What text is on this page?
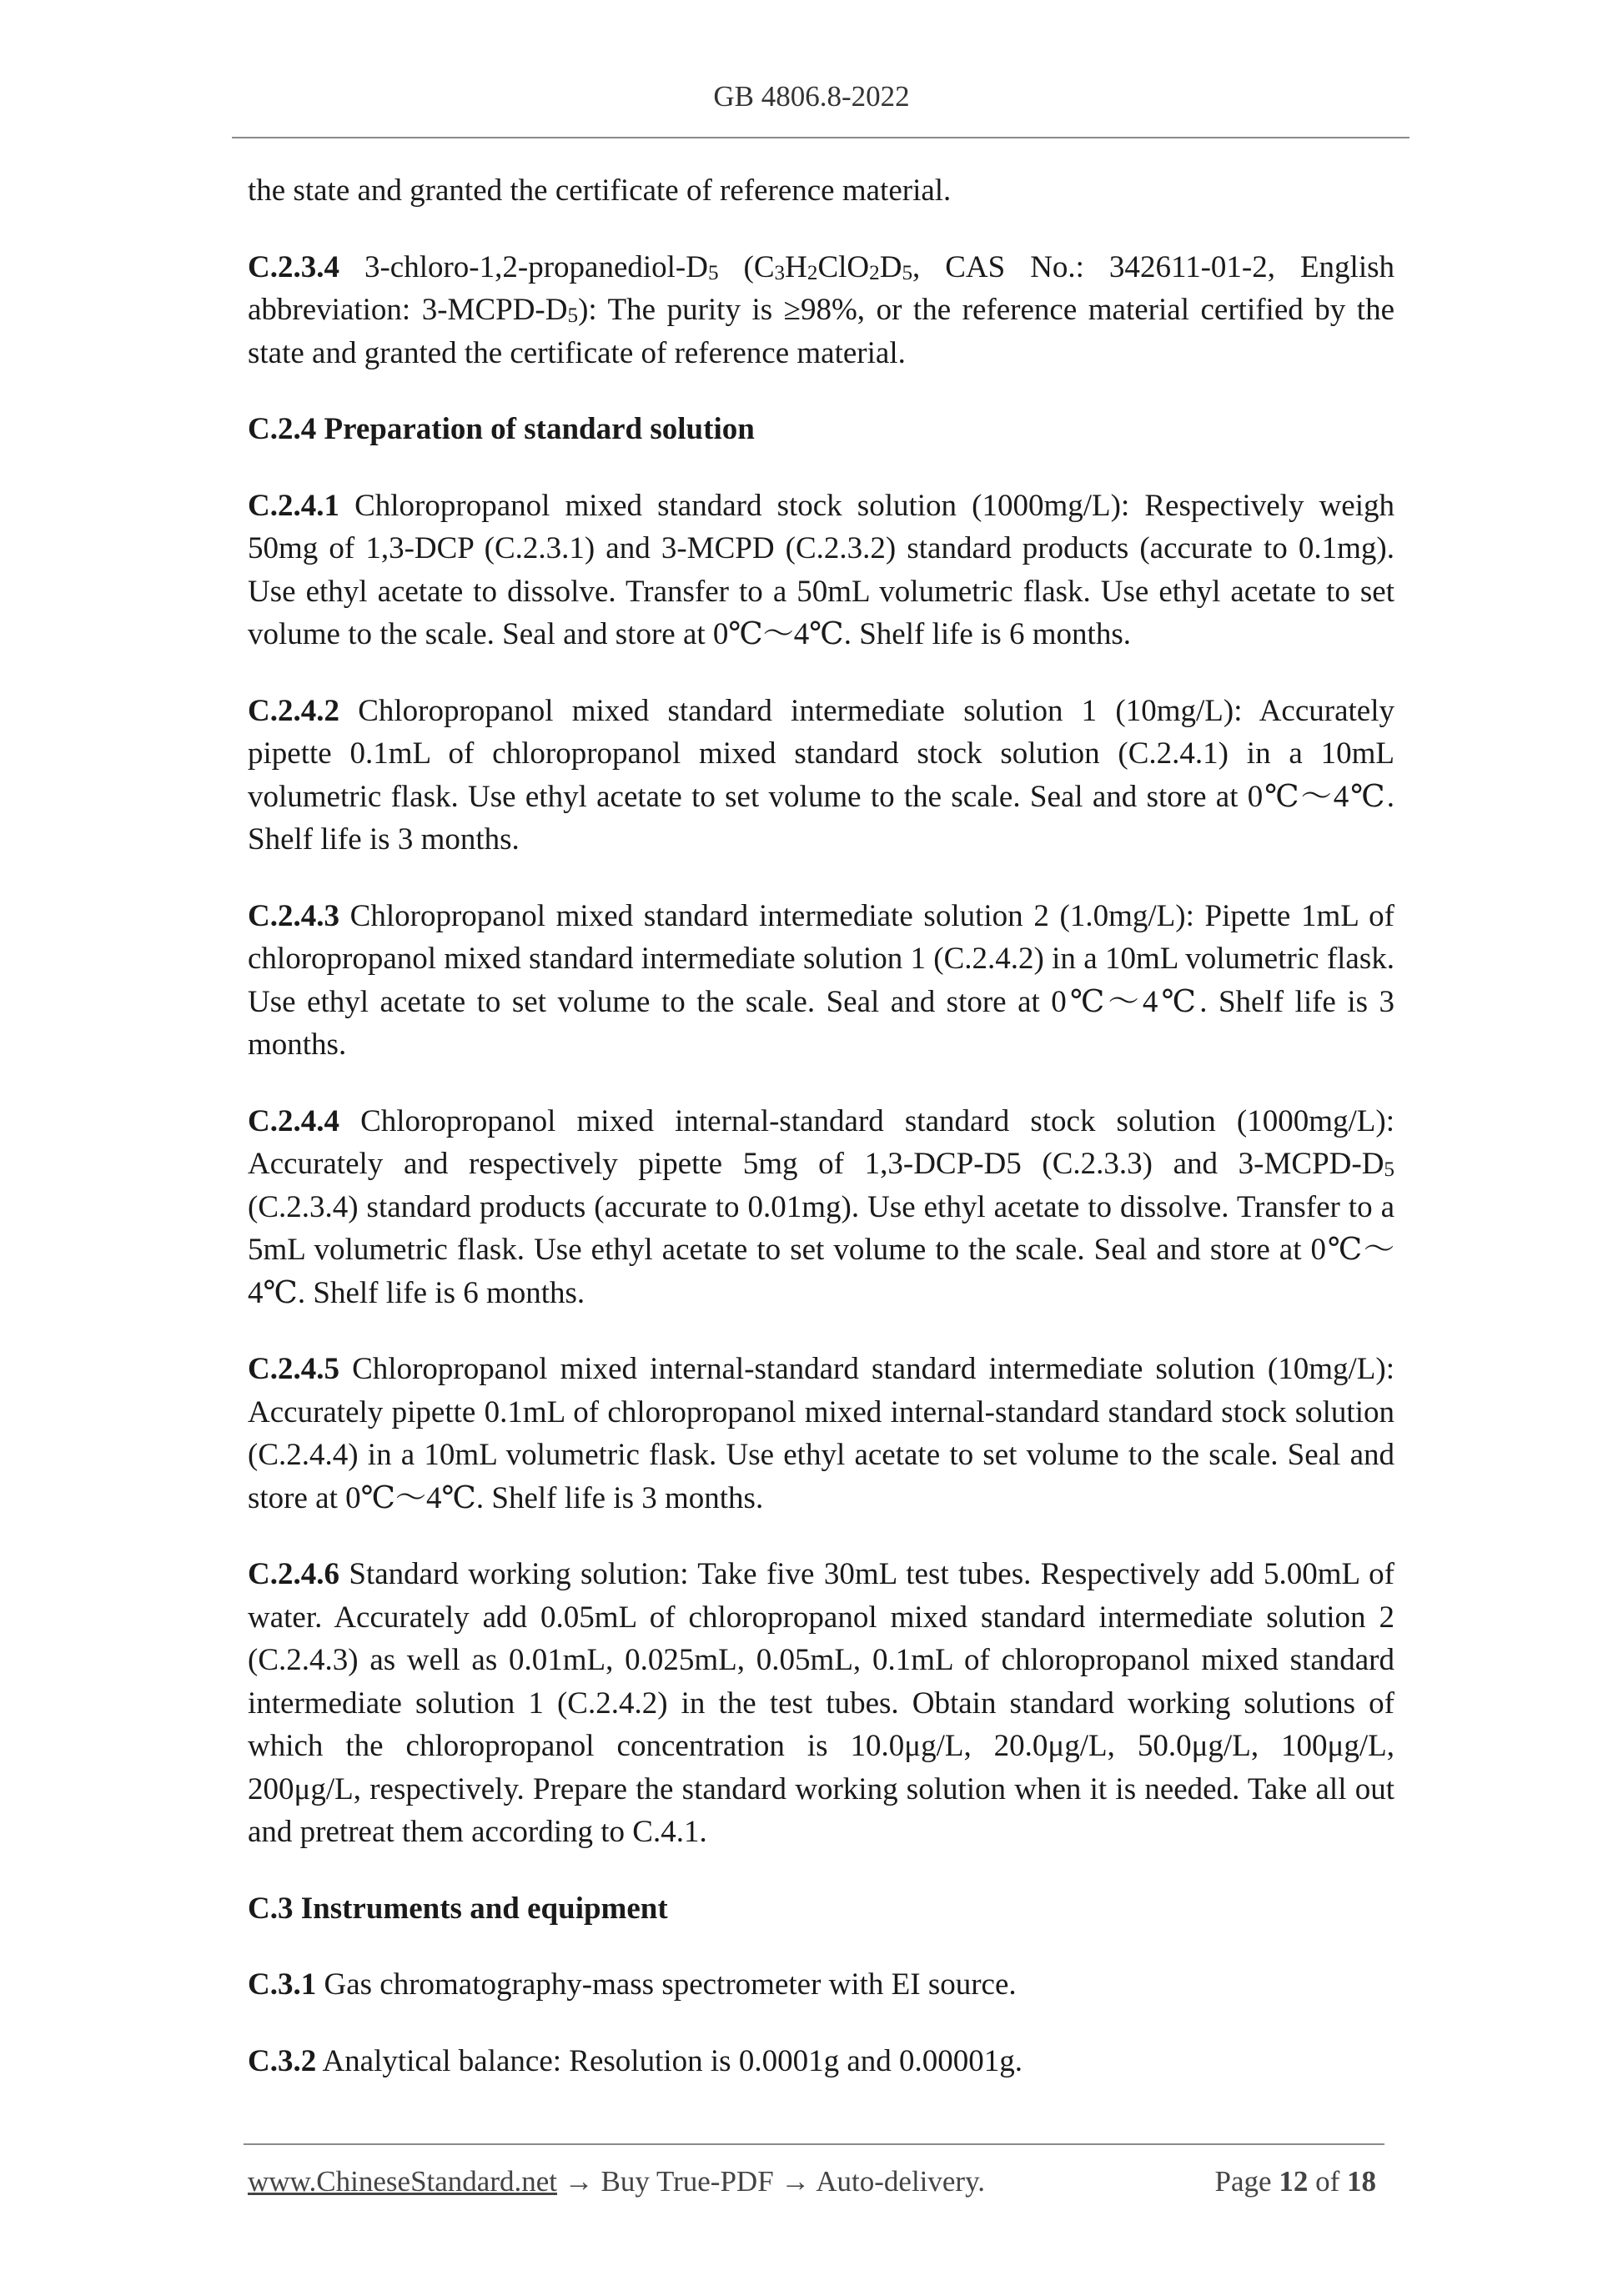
GB 4806.8-2022

the state and granted the certificate of reference material.

C.2.3.4 $3-chloro-1,2-propanediol-D_5$ ($C_3H_2ClO_2D_5$, CAS No.: 342611-01-2, English abbreviation: $3-MCPD-D_5$): The purity is ≥98%, or the reference material certified by the state and granted the certificate of reference material.

C.2.4 Preparation of standard solution

C.2.4.1 Chloropropanol mixed standard stock solution (1000mg/L): Respectively weigh 50mg of 1,3-DCP (C.2.3.1) and 3-MCPD (C.2.3.2) standard products (accurate to 0.1mg). Use ethyl acetate to dissolve. Transfer to a 50mL volumetric flask. Use ethyl acetate to set volume to the scale. Seal and store at 0℃～4℃. Shelf life is 6 months.

C.2.4.2 Chloropropanol mixed standard intermediate solution 1 (10mg/L): Accurately pipette 0.1mL of chloropropanol mixed standard stock solution (C.2.4.1) in a 10mL volumetric flask. Use ethyl acetate to set volume to the scale. Seal and store at 0℃～4℃. Shelf life is 3 months.

C.2.4.3 Chloropropanol mixed standard intermediate solution 2 (1.0mg/L): Pipette 1mL of chloropropanol mixed standard intermediate solution 1 (C.2.4.2) in a 10mL volumetric flask. Use ethyl acetate to set volume to the scale. Seal and store at 0℃～4℃. Shelf life is 3 months.

C.2.4.4 Chloropropanol mixed internal-standard standard stock solution (1000mg/L): Accurately and respectively pipette 5mg of 1,3-DCP-D5 (C.2.3.3) and $3-MCPD-D_5$ (C.2.3.4) standard products (accurate to 0.01mg). Use ethyl acetate to dissolve. Transfer to a 5mL volumetric flask. Use ethyl acetate to set volume to the scale. Seal and store at 0℃～4℃. Shelf life is 6 months.

C.2.4.5 Chloropropanol mixed internal-standard standard intermediate solution (10mg/L): Accurately pipette 0.1mL of chloropropanol mixed internal-standard standard stock solution (C.2.4.4) in a 10mL volumetric flask. Use ethyl acetate to set volume to the scale. Seal and store at 0℃～4℃. Shelf life is 3 months.

C.2.4.6 Standard working solution: Take five 30mL test tubes. Respectively add 5.00mL of water. Accurately add 0.05mL of chloropropanol mixed standard intermediate solution 2 (C.2.4.3) as well as 0.01mL, 0.025mL, 0.05mL, 0.1mL of chloropropanol mixed standard intermediate solution 1 (C.2.4.2) in the test tubes. Obtain standard working solutions of which the chloropropanol concentration is 10.0μg/L, 20.0μg/L, 50.0μg/L, 100μg/L, 200μg/L, respectively. Prepare the standard working solution when it is needed. Take all out and pretreat them according to C.4.1.

C.3 Instruments and equipment

C.3.1 Gas chromatography-mass spectrometer with EI source.

C.3.2 Analytical balance: Resolution is 0.0001g and 0.00001g.

www.ChineseStandard.net → Buy True-PDF → Auto-delivery.	Page 12 of 18
